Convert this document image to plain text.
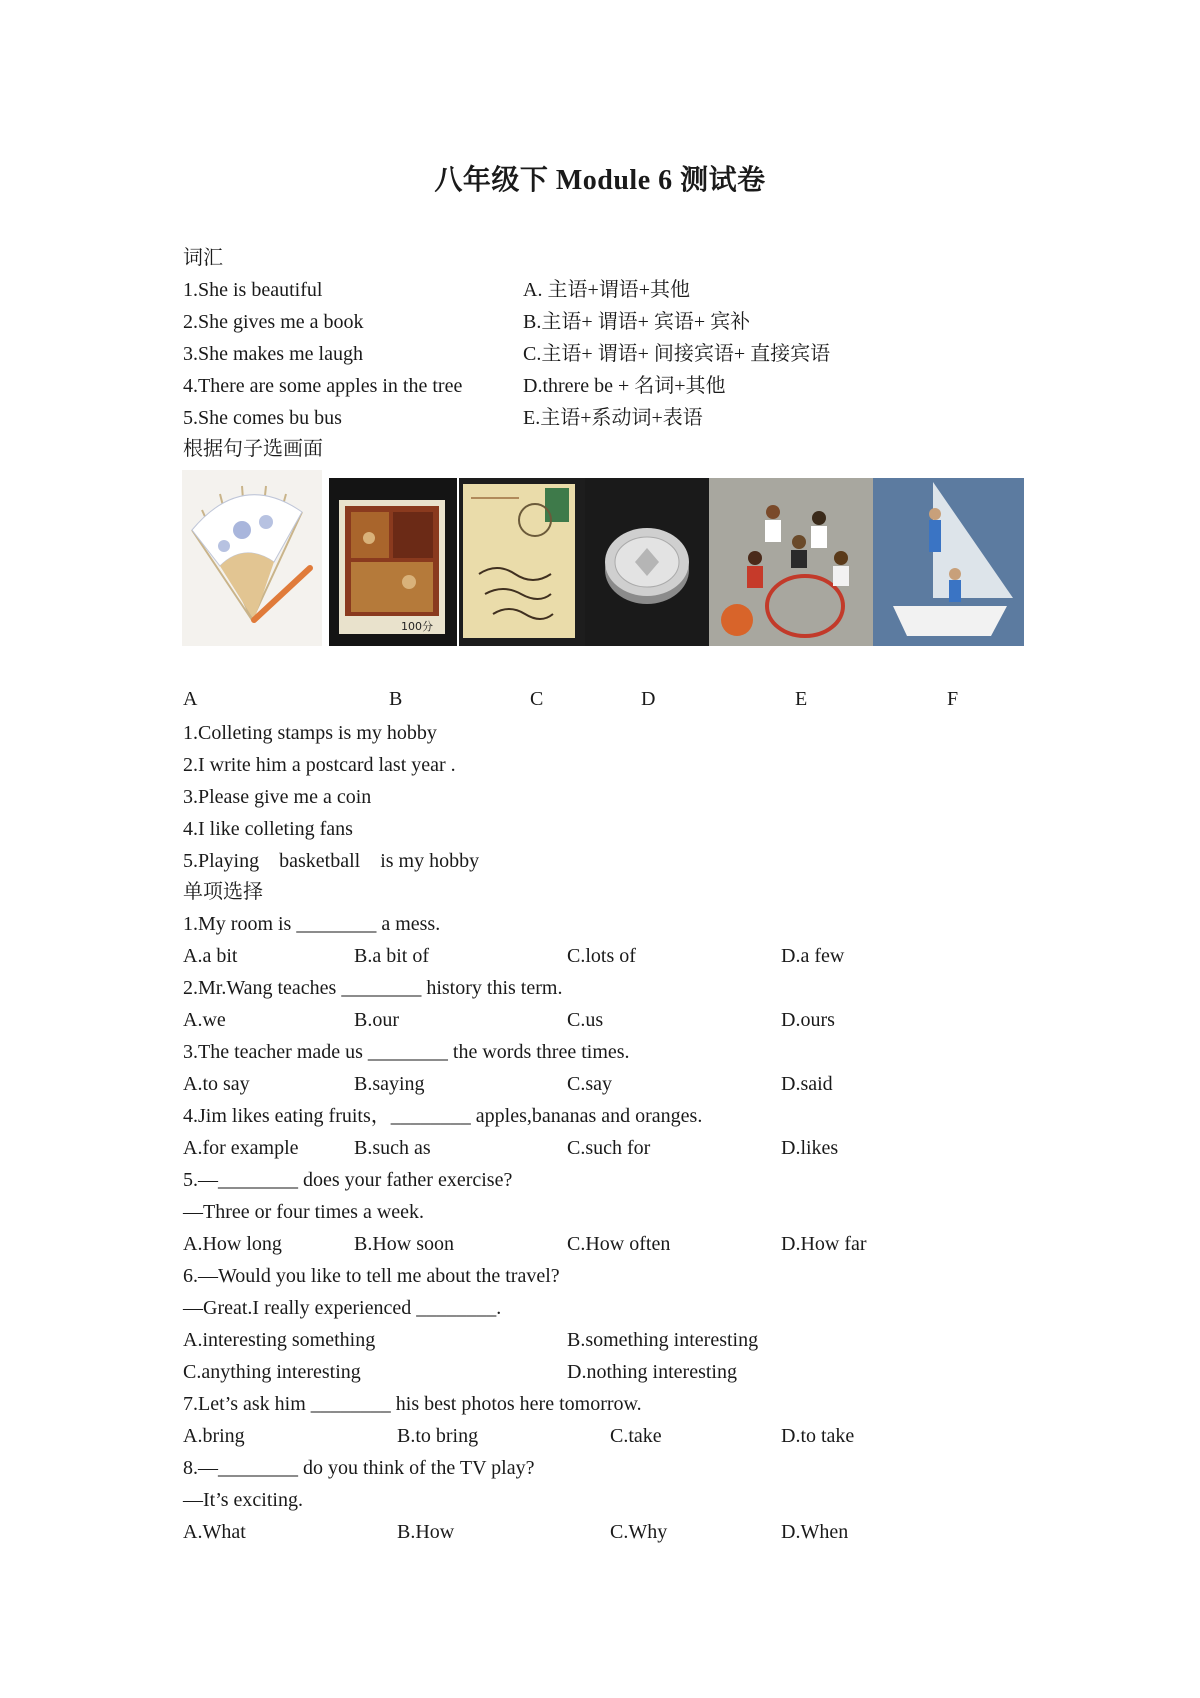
八年级下 Module 6 测试卷
词汇
1.She is beautiful	A. 主语+谓语+其他
2.She gives me a book	B.主语+ 谓语+ 宾语+ 宾补
3.She makes me laugh	C.主语+ 谓语+ 间接宾语+ 直接宾语
4.There are some apples in the tree	D.threre be + 名词+其他
5.She comes bu bus	E.主语+系动词+表语
根据句子选画面
100分
A	B	C	D	E	F
1.Colleting stamps is my hobby
2.I write him a postcard last year .
3.Please give me a coin
4.I like colleting fans
5.Playing    basketball    is my hobby
单项选择
1.My room is ________ a mess.
A.a bit	B.a bit of	C.lots of	D.a few
2.Mr.Wang teaches ________ history this term.
A.we	B.our	C.us	D.ours
3.The teacher made us ________ the words three times.
A.to say	B.saying	C.say	D.said
4.Jim likes eating fruits，________ apples,bananas and oranges.
A.for example	B.such as	C.such for	D.likes
5.—________ does your father exercise?
—Three or four times a week.
A.How long	B.How soon	C.How often	D.How far
6.—Would you like to tell me about the travel?
—Great.I really experienced ________.
A.interesting something	B.something interesting
C.anything interesting	D.nothing interesting
7.Let’s ask him ________ his best photos here tomorrow.
A.bring	B.to bring	C.take	D.to take
8.—________ do you think of the TV play?
—It’s exciting.
A.What	B.How	C.Why	D.When
